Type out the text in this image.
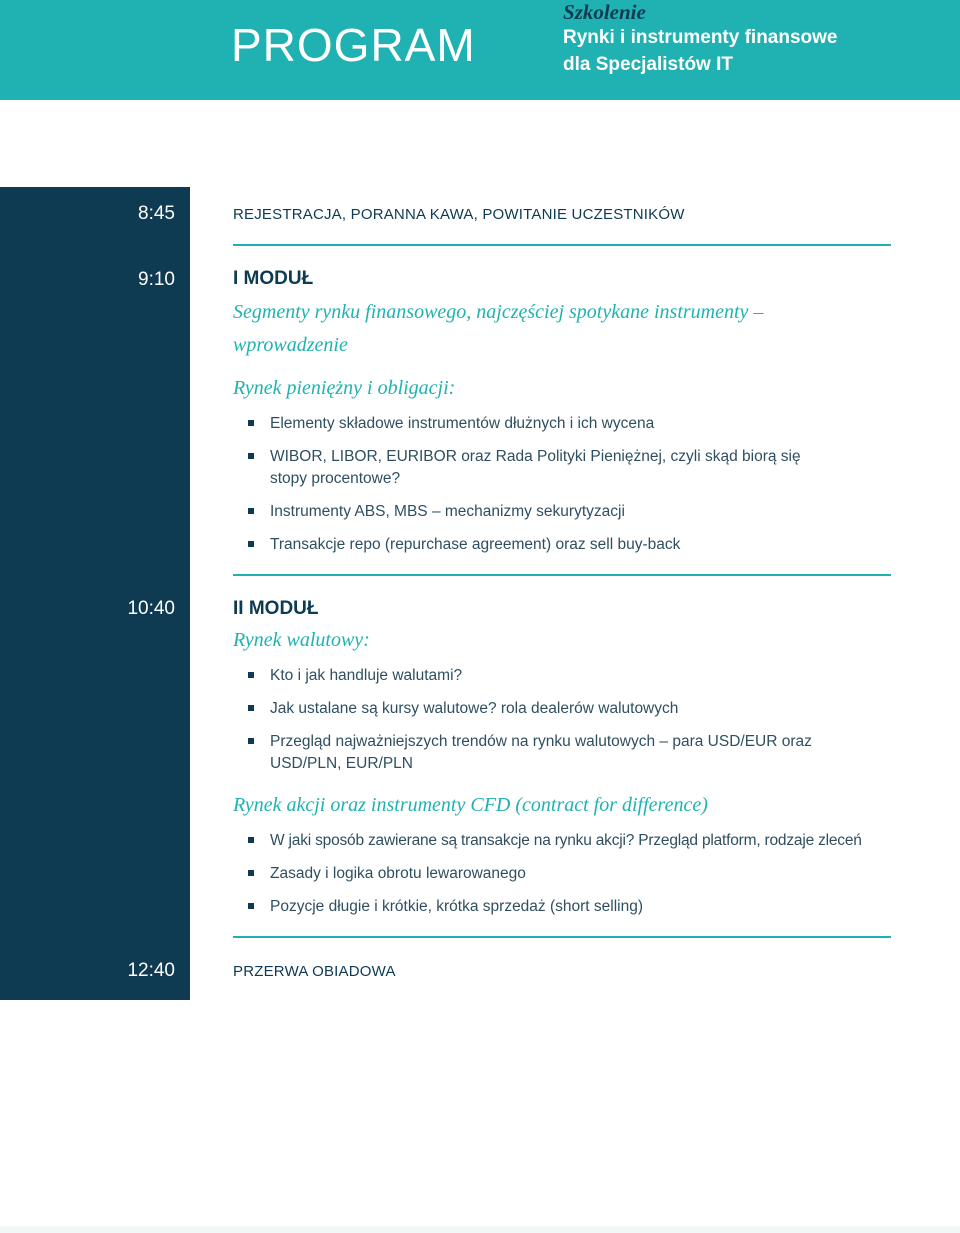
PROGRAM
Szkolenie
Rynki i instrumenty finansowe
dla Specjalistów IT
8:45
9:10
10:40
12:40
REJESTRACJA, PORANNA KAWA, POWITANIE UCZESTNIKÓW
I MODUŁ
Segmenty rynku finansowego, najczęściej spotykane instrumenty –
wprowadzenie
Rynek pieniężny i obligacji:
Elementy składowe instrumentów dłużnych i ich wycena
WIBOR, LIBOR, EURIBOR oraz Rada Polityki Pieniężnej, czyli skąd biorą się stopy procentowe?
Instrumenty ABS, MBS – mechanizmy sekurytyzacji
Transakcje repo (repurchase agreement) oraz sell buy-back
II MODUŁ
Rynek walutowy:
Kto i jak handluje walutami?
Jak ustalane są kursy walutowe? rola dealerów walutowych
Przegląd najważniejszych trendów na rynku walutowych – para USD/EUR oraz USD/PLN, EUR/PLN
Rynek akcji oraz instrumenty CFD (contract for difference)
W jaki sposób zawierane są transakcje na rynku akcji? Przegląd platform, rodzaje zleceń
Zasady i logika obrotu lewarowanego
Pozycje długie i krótkie, krótka sprzedaż (short selling)
PRZERWA OBIADOWA
